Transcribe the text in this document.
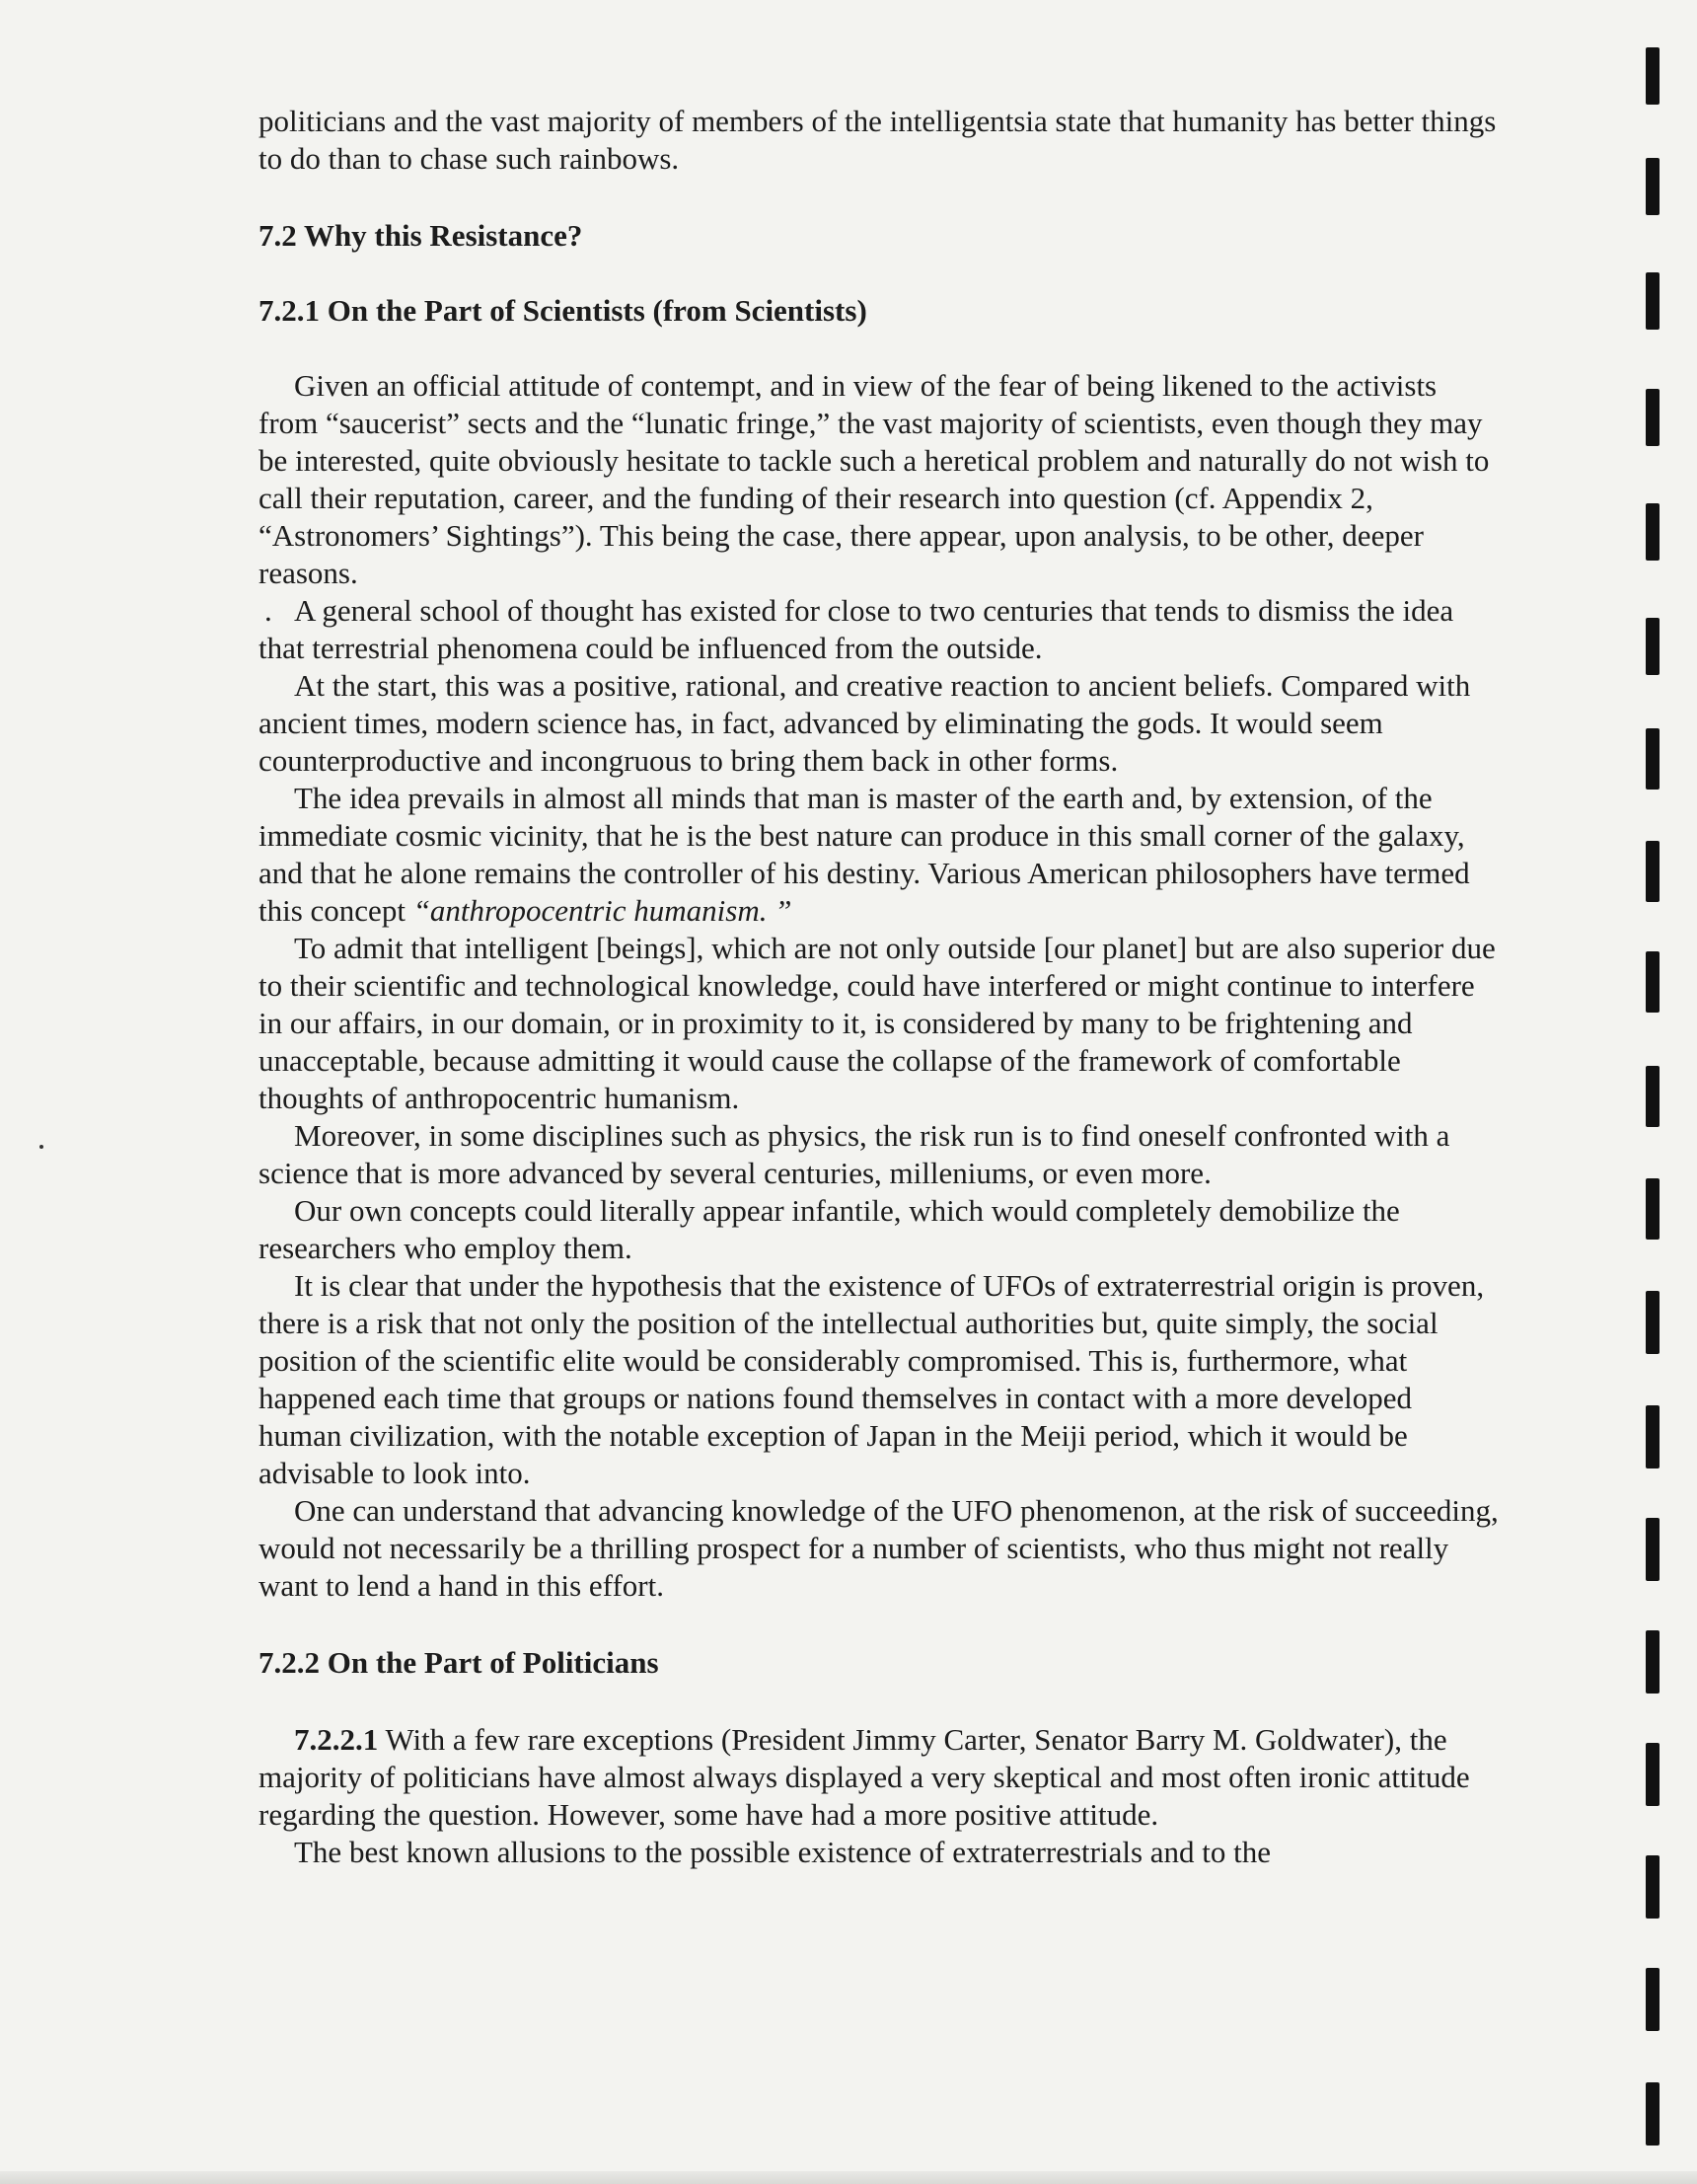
politicians and the vast majority of members of the intelligentsia state that humanity has better things to do than to chase such rainbows.

7.2 Why this Resistance?

7.2.1 On the Part of Scientists (from Scientists)

Given an official attitude of contempt, and in view of the fear of being likened to the activists from “saucerist” sects and the “lunatic fringe,” the vast majority of scientists, even though they may be interested, quite obviously hesitate to tackle such a heretical problem and naturally do not wish to call their reputation, career, and the funding of their research into question (cf. Appendix 2, “Astronomers’ Sightings”). This being the case, there appear, upon analysis, to be other, deeper reasons.

. A general school of thought has existed for close to two centuries that tends to dismiss the idea that terrestrial phenomena could be influenced from the outside.

At the start, this was a positive, rational, and creative reaction to ancient beliefs. Compared with ancient times, modern science has, in fact, advanced by eliminating the gods. It would seem counterproductive and incongruous to bring them back in other forms.

The idea prevails in almost all minds that man is master of the earth and, by extension, of the immediate cosmic vicinity, that he is the best nature can produce in this small corner of the galaxy, and that he alone remains the controller of his destiny. Various American philosophers have termed this concept “anthropocentric humanism. ”

To admit that intelligent [beings], which are not only outside [our planet] but are also superior due to their scientific and technological knowledge, could have interfered or might continue to interfere in our affairs, in our domain, or in proximity to it, is considered by many to be frightening and unacceptable, because admitting it would cause the collapse of the framework of comfortable thoughts of anthropocentric humanism.

Moreover, in some disciplines such as physics, the risk run is to find oneself confronted with a science that is more advanced by several centuries, milleniums, or even more.

Our own concepts could literally appear infantile, which would completely demobilize the researchers who employ them.

It is clear that under the hypothesis that the existence of UFOs of extraterrestrial origin is proven, there is a risk that not only the position of the intellectual authorities but, quite simply, the social position of the scientific elite would be considerably compromised. This is, furthermore, what happened each time that groups or nations found themselves in contact with a more developed human civilization, with the notable exception of Japan in the Meiji period, which it would be advisable to look into.

One can understand that advancing knowledge of the UFO phenomenon, at the risk of succeeding, would not necessarily be a thrilling prospect for a number of scientists, who thus might not really want to lend a hand in this effort.

7.2.2 On the Part of Politicians

7.2.2.1 With a few rare exceptions (President Jimmy Carter, Senator Barry M. Goldwater), the majority of politicians have almost always displayed a very skeptical and most often ironic attitude regarding the question. However, some have had a more positive attitude.

The best known allusions to the possible existence of extraterrestrials and to the
